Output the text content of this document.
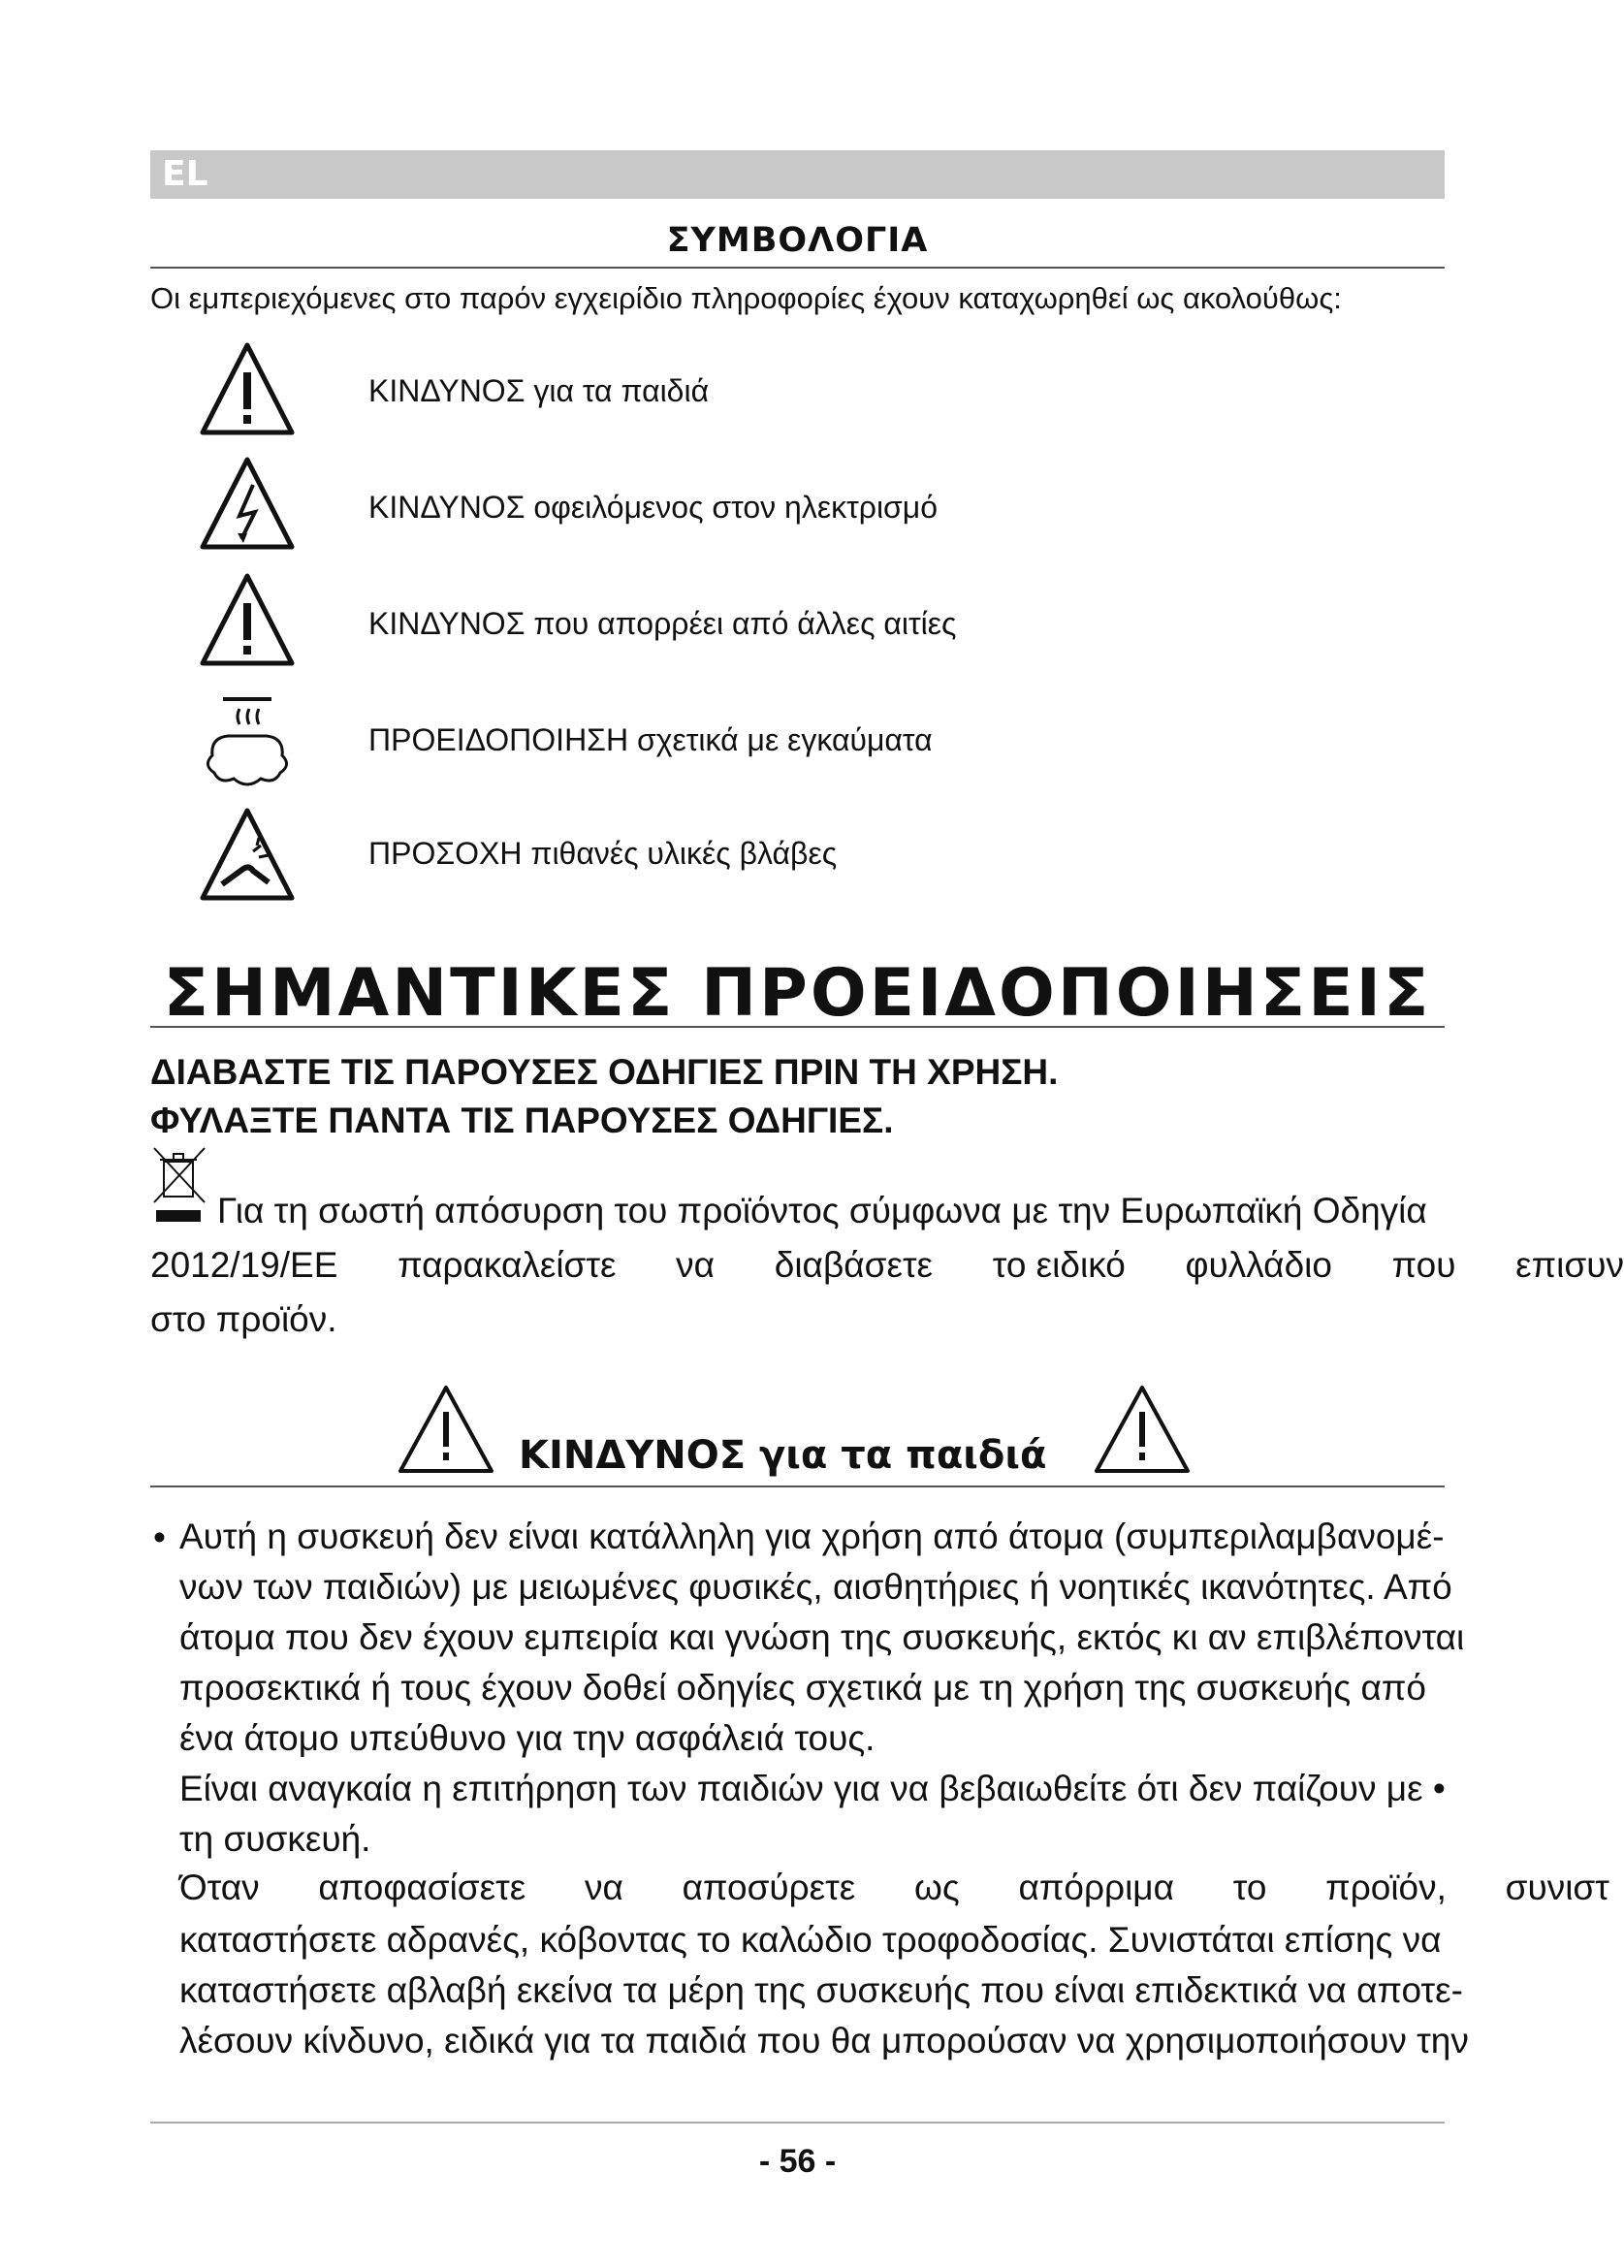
EL
ΣΥΜΒΟΛΟΓΙΑ
Οι εμπεριεχόμενες στο παρόν εγχειρίδιο πληροφορίες έχουν καταχωρηθεί ως ακολούθως:
ΚΙΝΔΥΝΟΣ για τα παιδιά
ΚΙΝΔΥΝΟΣ οφειλόμενος στον ηλεκτρισμό
ΚΙΝΔΥΝΟΣ που απορρέει από άλλες αιτίες
ΠΡΟΕΙΔΟΠΟΙΗΣΗ σχετικά με εγκαύματα
ΠΡΟΣΟΧΗ πιθανές υλικές βλάβες
ΣΗΜΑΝΤΙΚΕΣ ΠΡΟΕΙΔΟΠΟΙΗΣΕΙΣ
ΔΙΑΒΑΣΤΕ ΤΙΣ ΠΑΡΟΥΣΕΣ ΟΔΗΓΙΕΣ ΠΡΙΝ ΤΗ ΧΡΗΣΗ.
ΦΥΛΑΞΤΕ ΠΑΝΤΑ ΤΙΣ ΠΑΡΟΥΣΕΣ ΟΔΗΓΙΕΣ.
Για τη σωστή απόσυρση του προϊόντος σύμφωνα με την Ευρωπαϊκή Οδηγία
2012/19/ΕΕ παρακαλείστε να διαβάσετε το ειδικό φυλλάδιο που επισυν
στο προϊόν.
ΚΙΝΔΥΝΟΣ για τα παιδιά
• Αυτή η συσκευή δεν είναι κατάλληλη για χρήση από άτομα (συμπεριλαμβανομέ-
νων των παιδιών) με μειωμένες φυσικές, αισθητήριες ή νοητικές ικανότητες. Από
άτομα που δεν έχουν εμπειρία και γνώση της συσκευής, εκτός κι αν επιβλέπονται
προσεκτικά ή τους έχουν δοθεί οδηγίες σχετικά με τη χρήση της συσκευής από
ένα άτομο υπεύθυνο για την ασφάλειά τους.
Είναι αναγκαία η επιτήρηση των παιδιών για να βεβαιωθείτε ότι δεν παίζουν με •
τη συσκευή.
Όταν αποφασίσετε να αποσύρετε ως απόρριμα το προϊόν, συνιστ
καταστήσετε αδρανές, κόβοντας το καλώδιο τροφοδοσίας. Συνιστάται επίσης να
καταστήσετε αβλαβή εκείνα τα μέρη της συσκευής που είναι επιδεκτικά να αποτε-
λέσουν κίνδυνο, ειδικά για τα παιδιά που θα μπορούσαν να χρησιμοποιήσουν την
- 56 -
